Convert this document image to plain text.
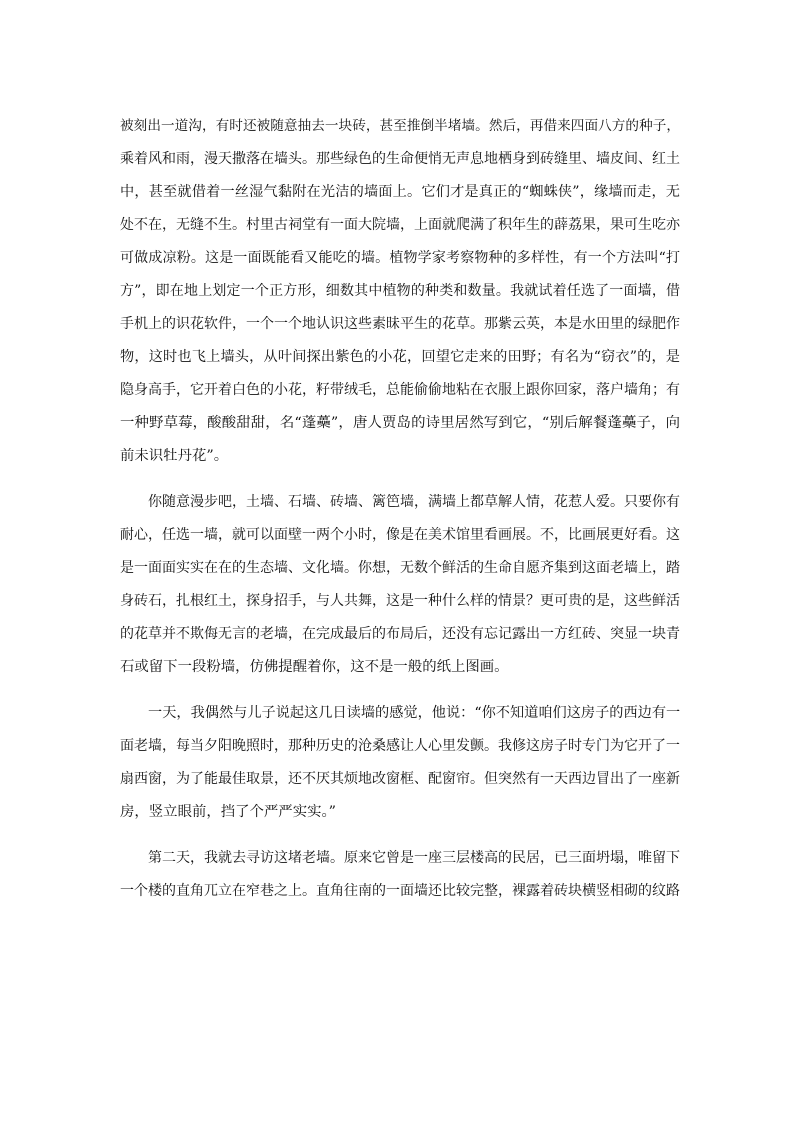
被刻出一道沟，有时还被随意抽去一块砖，甚至推倒半堵墙。然后，再借来四面八方的种子，
乘着风和雨，漫天撒落在墙头。那些绿色的生命便悄无声息地栖身到砖缝里、墙皮间、红土
中，甚至就借着一丝湿气黏附在光洁的墙面上。它们才是真正的“蜘蛛侠”，缘墙而走，无
处不在，无缝不生。村里古祠堂有一面大院墙，上面就爬满了积年生的薜荔果，果可生吃亦
可做成凉粉。这是一面既能看又能吃的墙。植物学家考察物种的多样性，有一个方法叫“打
方”，即在地上划定一个正方形，细数其中植物的种类和数量。我就试着任选了一面墙，借
手机上的识花软件，一个一个地认识这些素昧平生的花草。那紫云英，本是水田里的绿肥作
物，这时也飞上墙头，从叶间探出紫色的小花，回望它走来的田野；有名为“窃衣”的，是
隐身高手，它开着白色的小花，籽带绒毛，总能偷偷地粘在衣服上跟你回家，落户墙角；有
一种野草莓，酸酸甜甜，名“蓬蘽”，唐人贾岛的诗里居然写到它，“别后解餐蓬蘽子，向
前未识牡丹花”。
你随意漫步吧，土墙、石墙、砖墙、篱笆墙，满墙上都草解人情，花惹人爱。只要你有
耐心，任选一墙，就可以面壁一两个小时，像是在美术馆里看画展。不，比画展更好看。这
是一面面实实在在的生态墙、文化墙。你想，无数个鲜活的生命自愿齐集到这面老墙上，踏
身砖石，扎根红土，探身招手，与人共舞，这是一种什么样的情景？更可贵的是，这些鲜活
的花草并不欺侮无言的老墙，在完成最后的布局后，还没有忘记露出一方红砖、突显一块青
石或留下一段粉墙，仿佛提醒着你，这不是一般的纸上图画。
一天，我偶然与儿子说起这几日读墙的感觉，他说：“你不知道咱们这房子的西边有一
面老墙，每当夕阳晚照时，那种历史的沧桑感让人心里发颤。我修这房子时专门为它开了一
扇西窗，为了能最佳取景，还不厌其烦地改窗框、配窗帘。但突然有一天西边冒出了一座新
房，竖立眼前，挡了个严严实实。”
第二天，我就去寻访这堵老墙。原来它曾是一座三层楼高的民居，已三面坍塌，唯留下
一个楼的直角兀立在窄巷之上。直角往南的一面墙还比较完整，裸露着砖块横竖相砌的纹路
